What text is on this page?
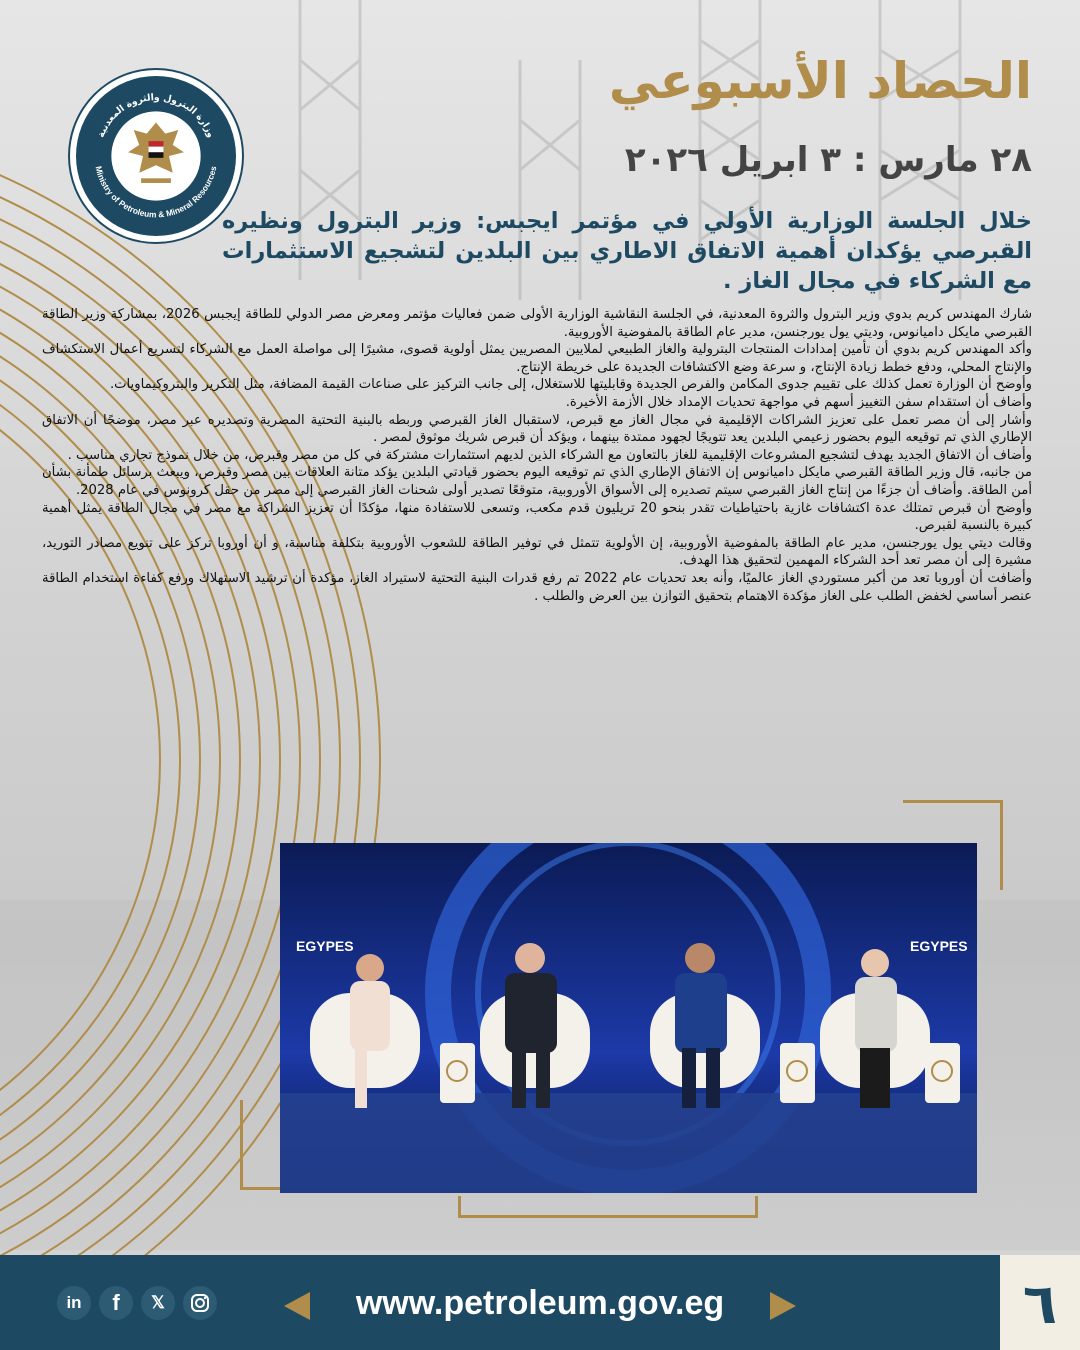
وزارة البترول والثروة المعدنية
Ministry of Petroleum & Mineral Resources
الحصاد الأسبوعي
٢٨ مارس : ٣ ابريل ٢٠٢٦
خلال الجلسة الوزارية الأولي في مؤتمر ايجبس: وزير البترول ونظيره القبرصي يؤكدان أهمية الاتفاق الاطاري بين البلدين لتشجيع الاستثمارات مع الشركاء في مجال الغاز .

شارك المهندس كريم بدوي وزير البترول والثروة المعدنية، في الجلسة النقاشية الوزارية الأولى ضمن فعاليات مؤتمر ومعرض مصر الدولي للطاقة إيجبس 2026، بمشاركة وزير الطاقة القبرصي مايكل داميانوس، وديتي يول يورجنسن، مدير عام الطاقة بالمفوضية الأوروبية.

وأكد المهندس كريم بدوي أن تأمين إمدادات المنتجات البترولية والغاز الطبيعي لملايين المصريين يمثل أولوية قصوى، مشيرًا إلى مواصلة العمل مع الشركاء لتسريع أعمال الاستكشاف والإنتاج المحلي، ودفع خطط زيادة الإنتاج، و سرعة وضع الاكتشافات الجديدة على خريطة الإنتاج.

وأوضح أن الوزارة تعمل كذلك على تقييم جدوى المكامن والفرص الجديدة وقابليتها للاستغلال، إلى جانب التركيز على صناعات القيمة المضافة، مثل التكرير والبتروكيماويات.

وأضاف أن استقدام سفن التغييز أسهم في مواجهة تحديات الإمداد خلال الأزمة الأخيرة.

وأشار إلى أن مصر تعمل على تعزيز الشراكات الإقليمية في مجال الغاز مع قبرص، لاستقبال الغاز القبرصي وربطه بالبنية التحتية المصرية وتصديره عبر مصر، موضحًا أن الاتفاق الإطاري الذي تم توقيعه اليوم بحضور زعيمي البلدين يعد تتويجًا لجهود ممتدة بينهما ، ويؤكد أن قبرص شريك موثوق لمصر .

وأضاف أن الاتفاق الجديد يهدف لتشجيع المشروعات الإقليمية للغاز بالتعاون مع الشركاء الذين لديهم استثمارات مشتركة في كل من مصر وقبرص، من خلال نموذج تجاري مناسب .

من جانبه، قال وزير الطاقة القبرصي مايكل داميانوس إن الاتفاق الإطاري الذي تم توقيعه اليوم بحضور قيادتي البلدين يؤكد متانة العلاقات بين مصر وقبرص، ويبعث برسائل طمأنة بشأن أمن الطاقة. وأضاف أن جزءًا من إنتاج الغاز القبرصي سيتم تصديره إلى الأسواق الأوروبية، متوقعًا تصدير أولى شحنات الغاز القبرصي إلى مصر من حقل كرونوس في عام 2028.

وأوضح أن قبرص تمتلك عدة اكتشافات غازية باحتياطيات تقدر بنحو 20 تريليون قدم مكعب، وتسعى للاستفادة منها، مؤكدًا أن تعزيز الشراكة مع مصر في مجال الطاقة يمثل أهمية كبيرة بالنسبة لقبرص.

وقالت ديتي يول يورجنسن، مدير عام الطاقة بالمفوضية الأوروبية، إن الأولوية تتمثل في توفير الطاقة للشعوب الأوروبية بتكلفة مناسبة، و أن أوروبا تركز على تنويع مصادر التوريد، مشيرة إلى أن مصر تعد أحد الشركاء المهمين لتحقيق هذا الهدف.

وأضافت أن أوروبا تعد من أكبر مستوردي الغاز عالميًا، وأنه بعد تحديات عام 2022 تم رفع قدرات البنية التحتية لاستيراد الغاز، مؤكدة أن ترشيد الاستهلاك ورفع كفاءة استخدام الطاقة عنصر أساسي لخفض الطلب على الغاز مؤكدة الاهتمام بتحقيق التوازن بين العرض والطلب .

EGYPES	EGYPES
٦
www.petroleum.gov.eg
in	f	𝕏
